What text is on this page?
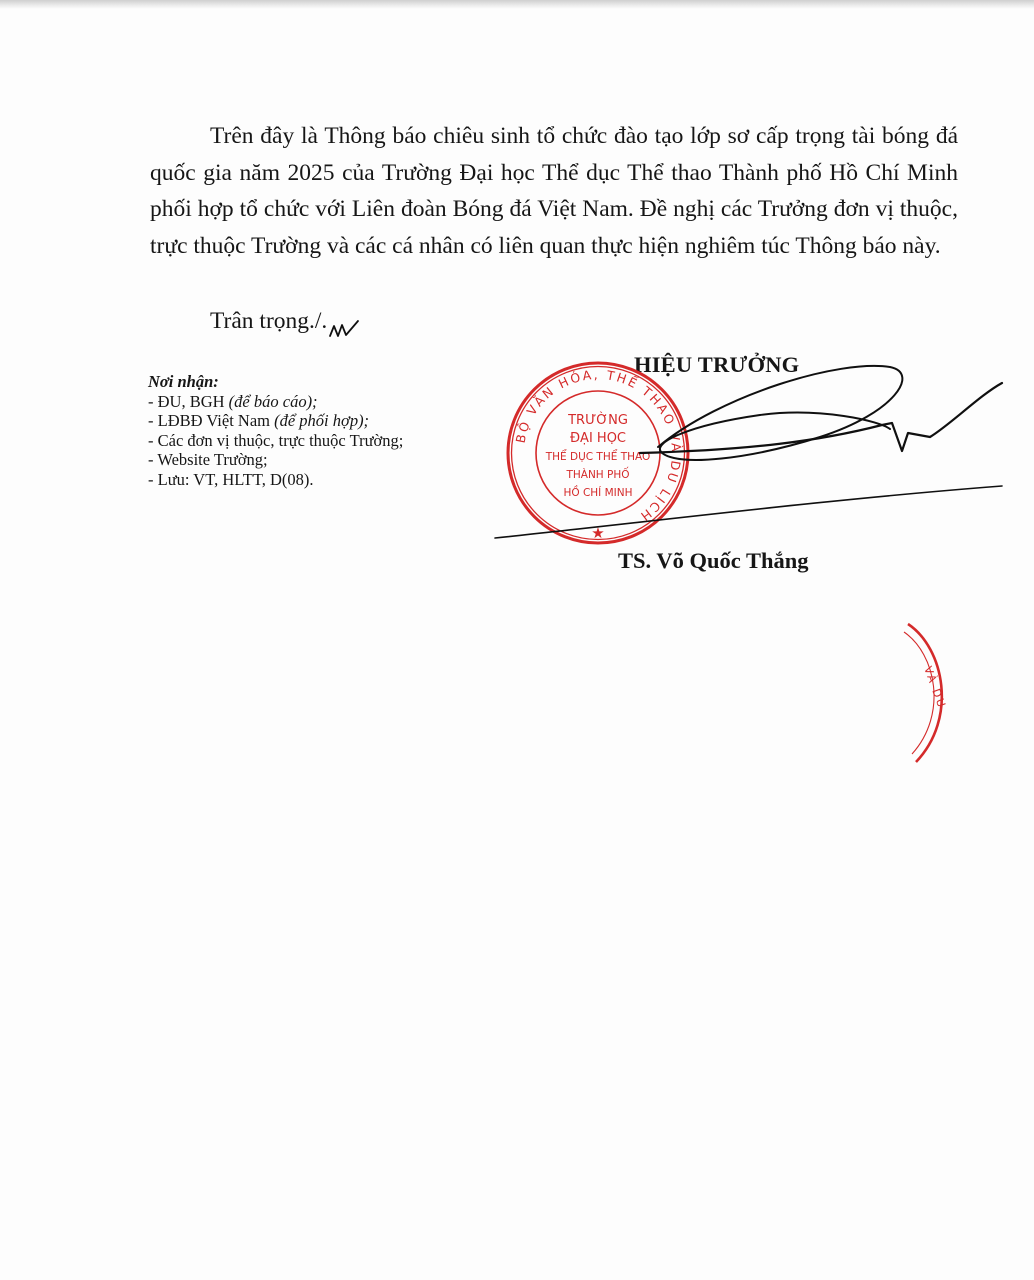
Trên đây là Thông báo chiêu sinh tổ chức đào tạo lớp sơ cấp trọng tài bóng đá quốc gia năm 2025 của Trường Đại học Thể dục Thể thao Thành phố Hồ Chí Minh phối hợp tổ chức với Liên đoàn Bóng đá Việt Nam. Đề nghị các Trưởng đơn vị thuộc, trực thuộc Trường và các cá nhân có liên quan thực hiện nghiêm túc Thông báo này.

Trân trọng./.
Nơi nhận:
- ĐU, BGH (để báo cáo);
- LĐBĐ Việt Nam (để phối hợp);
- Các đơn vị thuộc, trực thuộc Trường;
- Website Trường;
- Lưu: VT, HLTT, D(08).
HIỆU TRƯỞNG
BỘ VĂN HÓA, THỂ THAO VÀ DU LỊCH
TRƯỜNG
ĐẠI HỌC
THỂ DỤC THỂ THAO
THÀNH PHỐ
HỒ CHÍ MINH
★
TS. Võ Quốc Thắng
VÀ DU
